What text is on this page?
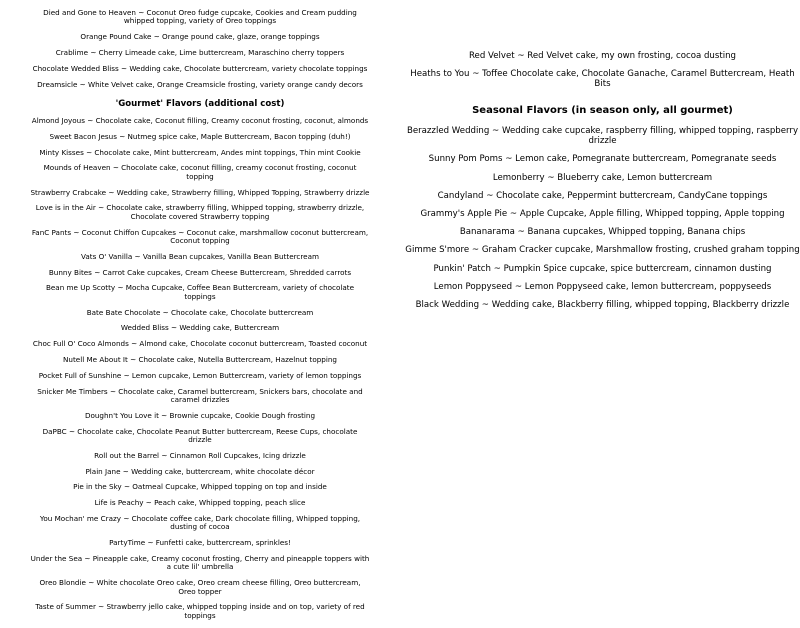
Died and Gone to Heaven ~ Coconut Oreo fudge cupcake, Cookies and Cream pudding whipped topping, variety of Oreo toppings

Orange Pound Cake ~ Orange pound cake, glaze, orange toppings

Crablime ~ Cherry Limeade cake, Lime buttercream, Maraschino cherry toppers

Chocolate Wedded Bliss ~ Wedding cake, Chocolate buttercream, variety chocolate toppings

Dreamsicle ~ White Velvet cake, Orange Creamsicle frosting, variety orange candy decors

'Gourmet' Flavors (additional cost)

Almond Joyous ~ Chocolate cake, Coconut filling, Creamy coconut frosting, coconut, almonds

Sweet Bacon Jesus ~ Nutmeg spice cake, Maple Buttercream, Bacon topping (duh!)

Minty Kisses ~ Chocolate cake, Mint buttercream, Andes mint toppings, Thin mint Cookie

Mounds of Heaven ~ Chocolate cake, coconut filling, creamy coconut frosting, coconut topping

Strawberry Crabcake ~ Wedding cake, Strawberry filling, Whipped Topping, Strawberry drizzle

Love is in the Air ~ Chocolate cake, strawberry filling, Whipped topping, strawberry drizzle, Chocolate covered Strawberry topping

FanC Pants ~ Coconut Chiffon Cupcakes ~ Coconut cake, marshmallow coconut buttercream, Coconut topping

Vats O' Vanilla ~ Vanilla Bean cupcakes, Vanilla Bean Buttercream

Bunny Bites ~ Carrot Cake cupcakes, Cream Cheese Buttercream, Shredded carrots

Bean me Up Scotty ~ Mocha Cupcake, Coffee Bean Buttercream, variety of chocolate toppings

Bate Bate Chocolate ~ Chocolate cake, Chocolate buttercream

Wedded Bliss ~ Wedding cake, Buttercream

Choc Full O' Coco Almonds ~ Almond cake, Chocolate coconut buttercream, Toasted coconut

Nutell Me About It ~ Chocolate cake, Nutella Buttercream, Hazelnut topping

Pocket Full of Sunshine ~ Lemon cupcake, Lemon Buttercream, variety of lemon toppings

Snicker Me Timbers ~ Chocolate cake, Caramel buttercream, Snickers bars, chocolate and caramel drizzles

Doughn't You Love it ~ Brownie cupcake, Cookie Dough frosting

DaPBC ~ Chocolate cake, Chocolate Peanut Butter buttercream, Reese Cups, chocolate drizzle

Roll out the Barrel ~ Cinnamon Roll Cupcakes, Icing drizzle

Plain Jane ~ Wedding cake, buttercream, white chocolate décor

Pie in the Sky ~ Oatmeal Cupcake, Whipped topping on top and inside

Life is Peachy ~ Peach cake, Whipped topping, peach slice

You Mochan' me Crazy ~ Chocolate coffee cake, Dark chocolate filling, Whipped topping, dusting of cocoa

PartyTime ~ Funfetti cake, buttercream, sprinkles!

Under the Sea ~ Pineapple cake, Creamy coconut frosting, Cherry and pineapple toppers with a cute lil' umbrella

Oreo Blondie ~ White chocolate Oreo cake, Oreo cream cheese filling, Oreo buttercream, Oreo topper

Taste of Summer ~ Strawberry jello cake, whipped topping inside and on top, variety of red toppings

Red Velvet ~ Red Velvet cake, my own frosting, cocoa dusting

Heaths to You ~ Toffee Chocolate cake, Chocolate Ganache, Caramel Buttercream, Heath Bits

Seasonal Flavors (in season only, all gourmet)

Berazzled Wedding ~ Wedding cake cupcake, raspberry filling, whipped topping, raspberry drizzle

Sunny Pom Poms ~ Lemon cake, Pomegranate buttercream, Pomegranate seeds

Lemonberry ~ Blueberry cake, Lemon buttercream

Candyland ~ Chocolate cake, Peppermint buttercream, CandyCane toppings

Grammy's Apple Pie ~ Apple Cupcake, Apple filling, Whipped topping, Apple topping

Bananarama ~ Banana cupcakes, Whipped topping, Banana chips

Gimme S'more ~ Graham Cracker cupcake, Marshmallow frosting, crushed graham topping

Punkin' Patch ~ Pumpkin Spice cupcake, spice buttercream, cinnamon dusting

Lemon Poppyseed ~ Lemon Poppyseed cake, lemon buttercream, poppyseeds

Black Wedding ~ Wedding cake, Blackberry filling, whipped topping, Blackberry drizzle
